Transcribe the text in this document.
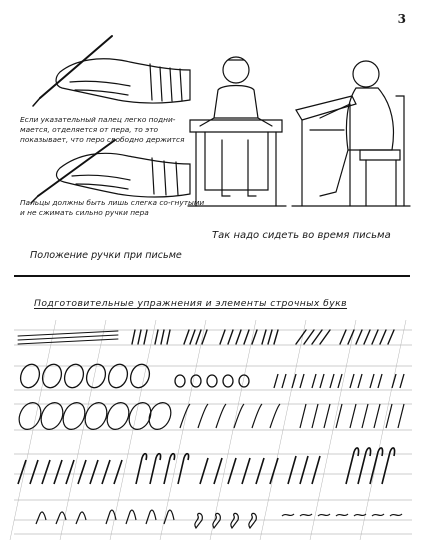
3
Если указательный палец легко подни-маетcя, отделяется от пера, то это показывает, что перо свободно держится
Пальцы должны быть лишь слегка со-гнутыми и не сжимать сильно ручки пера
Положение ручки при письме
Так надо сидеть во время письма
Подготовительные упражнения и элементы строчных букв
